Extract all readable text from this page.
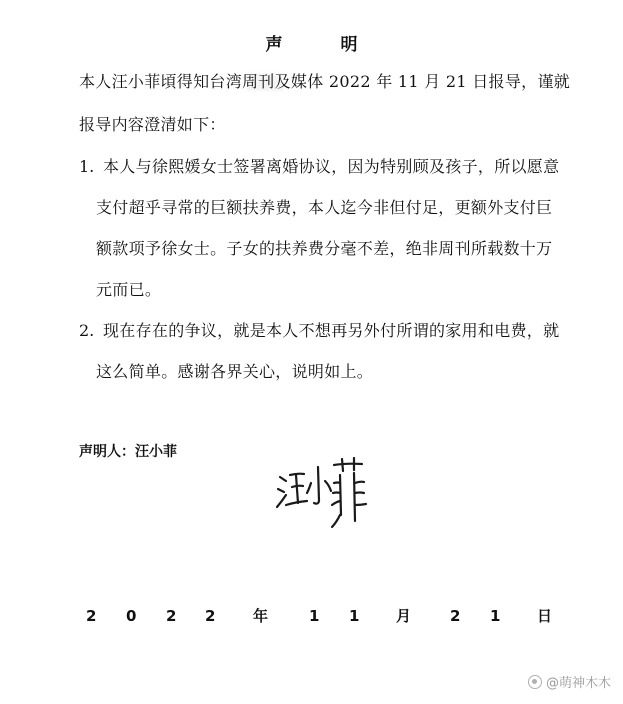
声 明
本人汪小菲頃得知台湾周刊及媒体 2022 年 11 月 21 日报导，谨就
报导内容澄清如下：
1. 本人与徐熙媛女士签署离婚协议，因为特别顾及孩子，所以愿意
支付超乎寻常的巨额扶养费，本人迄今非但付足，更额外支付巨
额款项予徐女士。子女的扶养费分毫不差，绝非周刊所载数十万
元而已。
2. 现在存在的争议，就是本人不想再另外付所谓的家用和电费，就
这么简单。感谢各界关心，说明如上。
声明人：汪小菲
2 0 2 2	年	1 1 月	2 1 日
@萌神木木
